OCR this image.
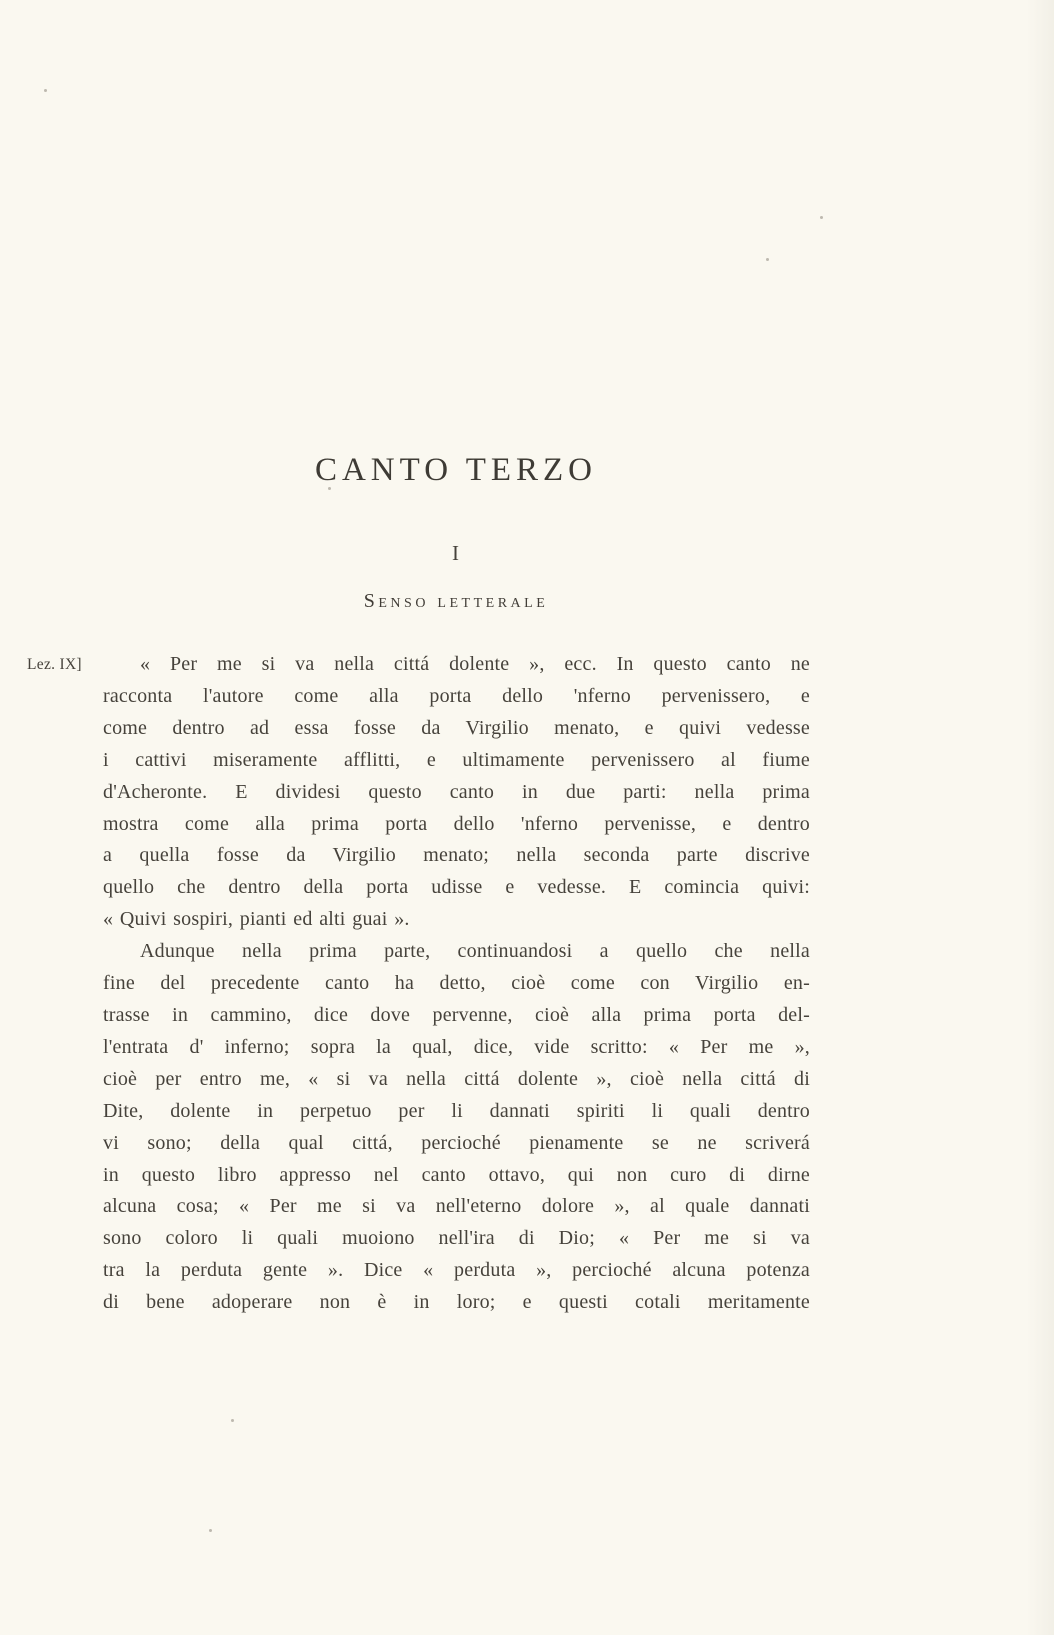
CANTO TERZO
I
Senso letterale
Lez. IX]	« Per me si va nella cittá dolente », ecc. In questo canto ne
racconta l'autore come alla porta dello 'nferno pervenissero, e
come dentro ad essa fosse da Virgilio menato, e quivi vedesse
i cattivi miseramente afflitti, e ultimamente pervenissero al fiume
d'Acheronte. E dividesi questo canto in due parti: nella prima
mostra come alla prima porta dello 'nferno pervenisse, e dentro
a quella fosse da Virgilio menato; nella seconda parte discrive
quello che dentro della porta udisse e vedesse. E comincia quivi:
« Quivi sospiri, pianti ed alti guai ».
Adunque nella prima parte, continuandosi a quello che nella
fine del precedente canto ha detto, cioè come con Virgilio en-
trasse in cammino, dice dove pervenne, cioè alla prima porta del-
l'entrata d' inferno; sopra la qual, dice, vide scritto: « Per me »,
cioè per entro me, « si va nella cittá dolente », cioè nella cittá di
Dite, dolente in perpetuo per li dannati spiriti li quali dentro
vi sono; della qual cittá, percioché pienamente se ne scriverá
in questo libro appresso nel canto ottavo, qui non curo di dirne
alcuna cosa; « Per me si va nell'eterno dolore », al quale dannati
sono coloro li quali muoiono nell'ira di Dio; « Per me si va
tra la perduta gente ». Dice « perduta », percioché alcuna potenza
di bene adoperare non è in loro; e questi cotali meritamente
